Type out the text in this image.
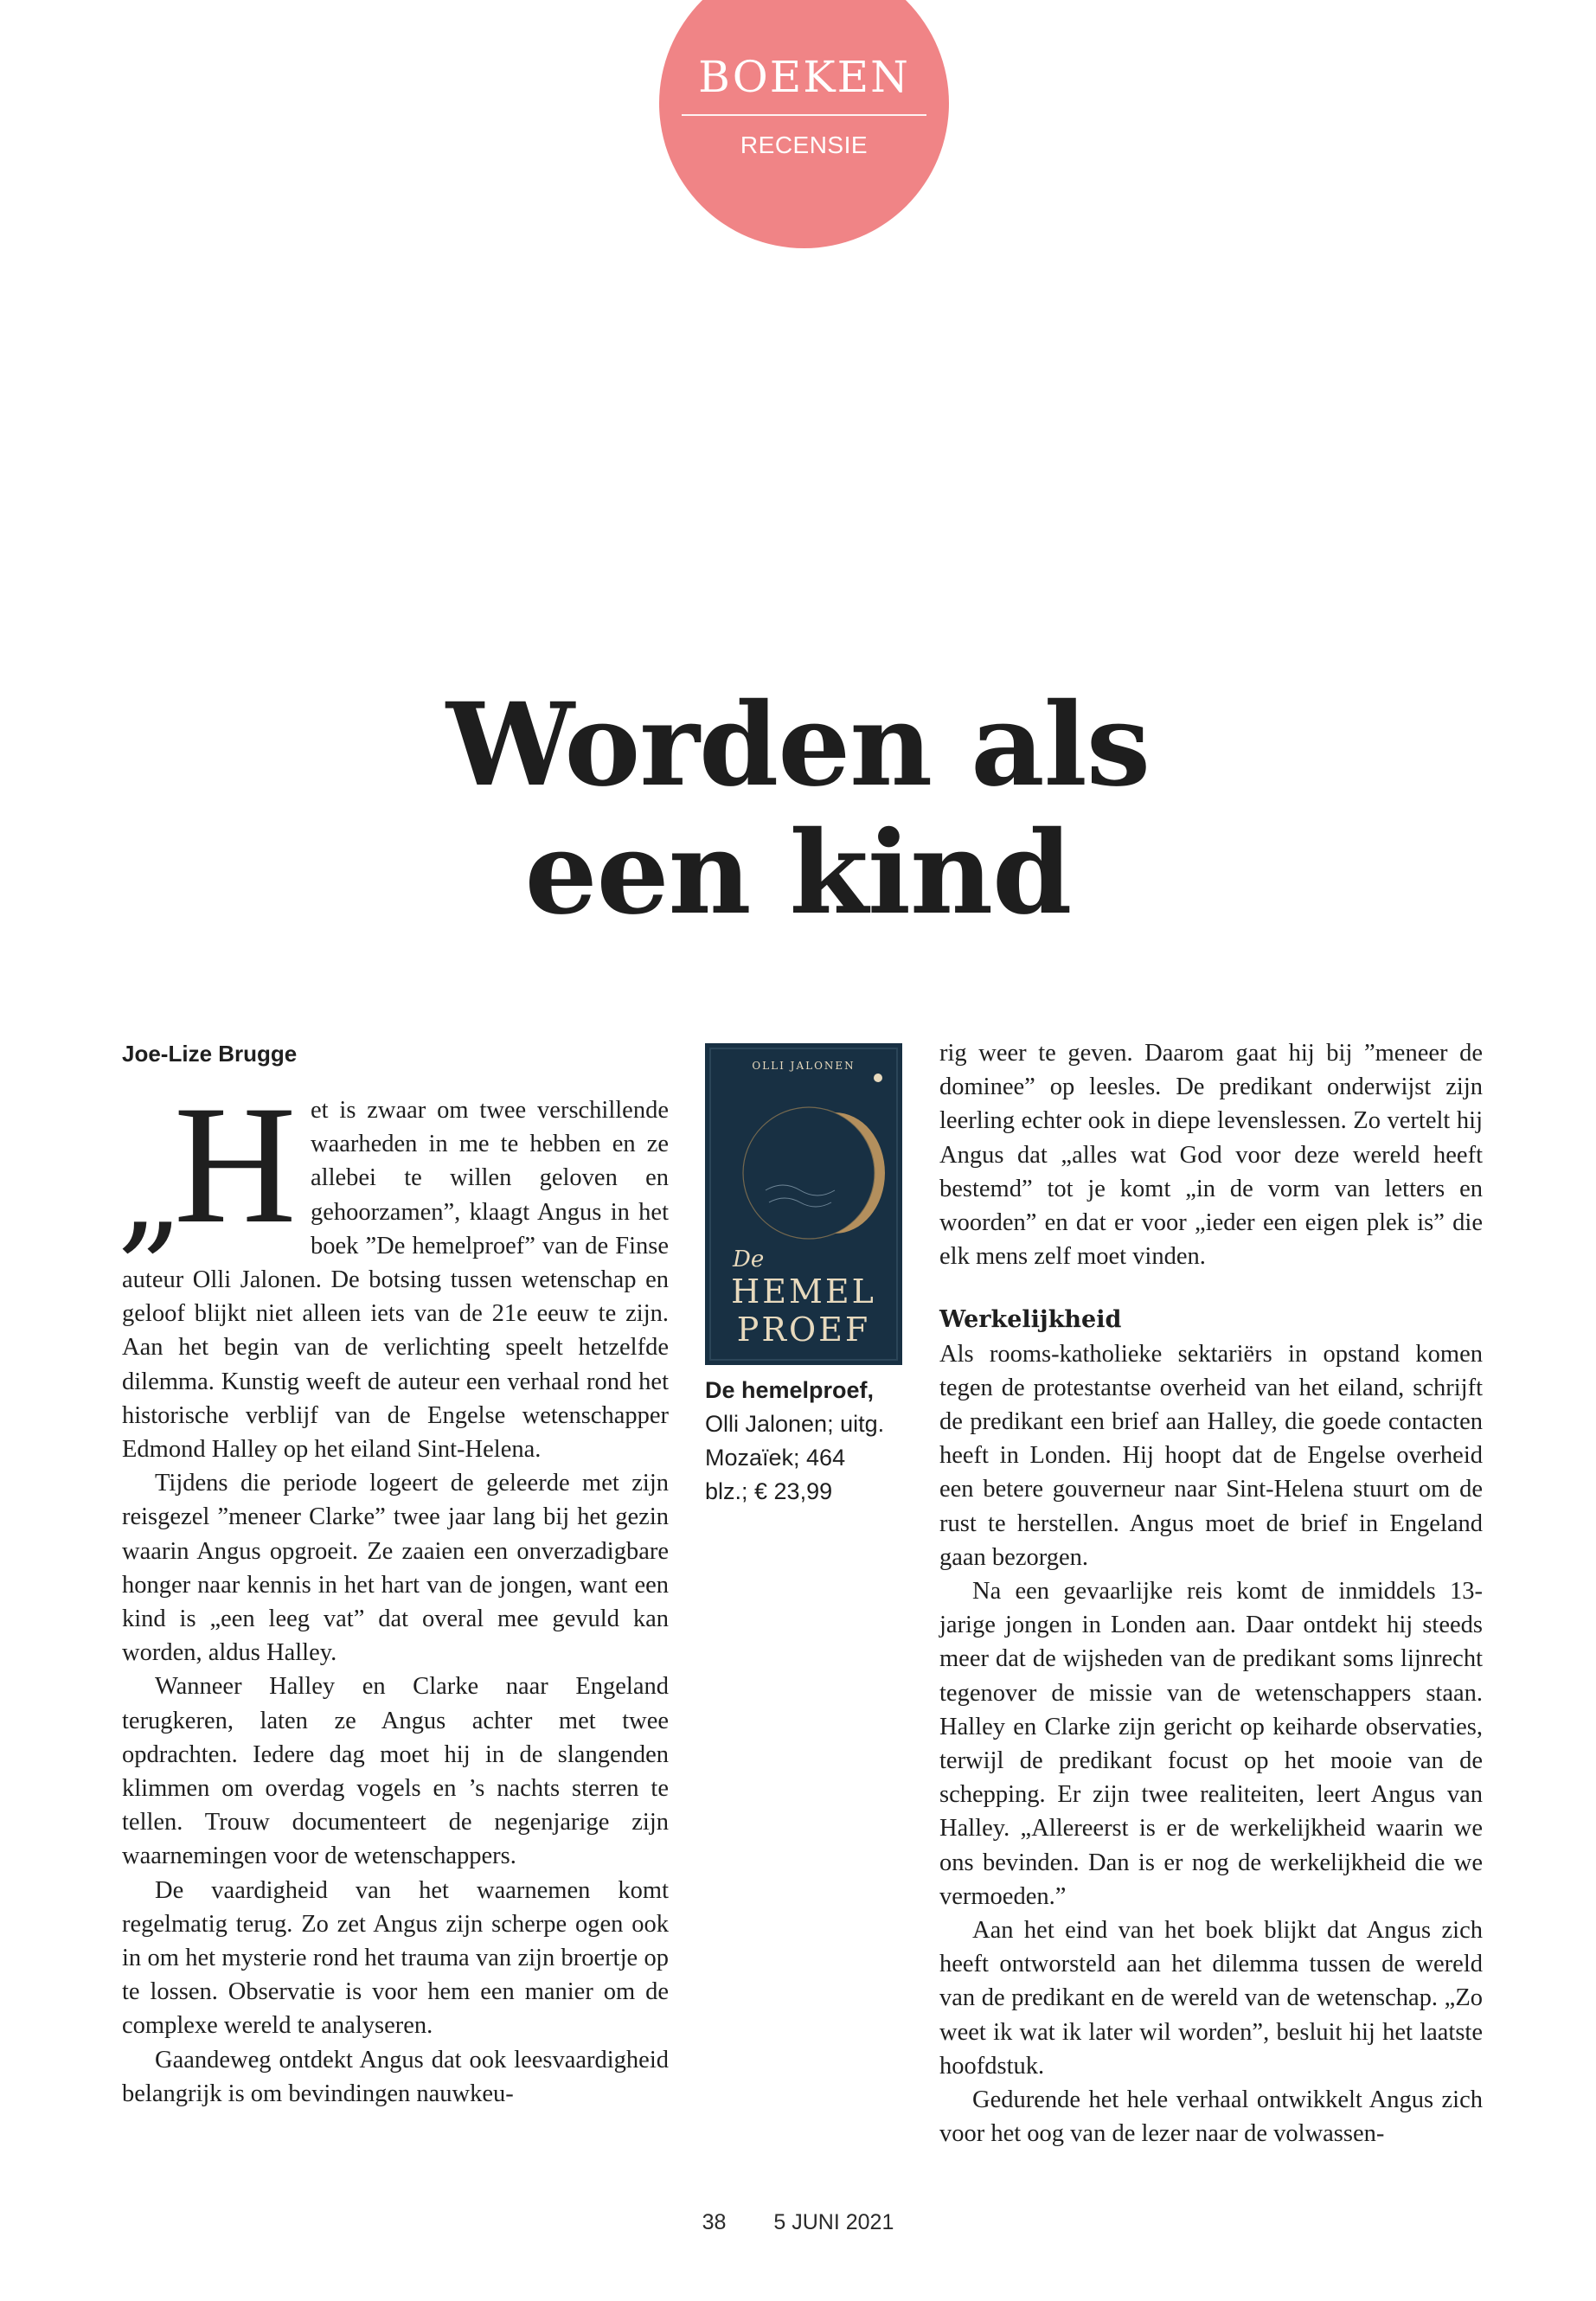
BOEKEN
RECENSIE
Worden als
een kind
Joe-Lize Brugge

„
H et is zwaar om twee verschillende waarheden in me te hebben en ze allebei te willen geloven en gehoorzamen”, klaagt Angus in het boek ”De hemelproef” van de Finse auteur Olli Jalonen. De botsing tussen wetenschap en geloof blijkt niet alleen iets van de 21e eeuw te zijn. Aan het begin van de verlichting speelt hetzelfde dilemma. Kunstig weeft de auteur een verhaal rond het historische verblijf van de Engelse wetenschapper Edmond Halley op het eiland Sint-Helena.

Tijdens die periode logeert de geleerde met zijn reisgezel ”meneer Clarke” twee jaar lang bij het gezin waarin Angus opgroeit. Ze zaaien een onverzadigbare honger naar kennis in het hart van de jongen, want een kind is „een leeg vat” dat overal mee gevuld kan worden, aldus Halley.

Wanneer Halley en Clarke naar Engeland terugkeren, laten ze Angus achter met twee opdrachten. Iedere dag moet hij in de slangenden klimmen om overdag vogels en ’s nachts sterren te tellen. Trouw documenteert de negenjarige zijn waarnemingen voor de wetenschappers.

De vaardigheid van het waarnemen komt regelmatig terug. Zo zet Angus zijn scherpe ogen ook in om het mysterie rond het trauma van zijn broertje op te lossen. Observatie is voor hem een manier om de complexe wereld te analyseren.

Gaandeweg ontdekt Angus dat ook leesvaardigheid belangrijk is om bevindingen nauwkeu-

OLLI JALONEN
De
HEMEL
PROEF
De hemelproef,
Olli Jalonen; uitg.
Mozaïek; 464
blz.; € 23,99

rig weer te geven. Daarom gaat hij bij ”meneer de dominee” op leesles. De predikant onderwijst zijn leerling echter ook in diepe levenslessen. Zo vertelt hij Angus dat „alles wat God voor deze wereld heeft bestemd” tot je komt „in de vorm van letters en woorden” en dat er voor „ieder een eigen plek is” die elk mens zelf moet vinden.

Werkelijkheid

Als rooms-katholieke sektariërs in opstand komen tegen de protestantse overheid van het eiland, schrijft de predikant een brief aan Halley, die goede contacten heeft in Londen. Hij hoopt dat de Engelse overheid een betere gouverneur naar Sint-Helena stuurt om de rust te herstellen. Angus moet de brief in Engeland gaan bezorgen.

Na een gevaarlijke reis komt de inmiddels 13-jarige jongen in Londen aan. Daar ontdekt hij steeds meer dat de wijsheden van de predikant soms lijnrecht tegenover de missie van de wetenschappers staan. Halley en Clarke zijn gericht op keiharde observaties, terwijl de predikant focust op het mooie van de schepping. Er zijn twee realiteiten, leert Angus van Halley. „Allereerst is er de werkelijkheid waarin we ons bevinden. Dan is er nog de werkelijkheid die we vermoeden.”

Aan het eind van het boek blijkt dat Angus zich heeft ontworsteld aan het dilemma tussen de wereld van de predikant en de wereld van de wetenschap. „Zo weet ik wat ik later wil worden”, besluit hij het laatste hoofdstuk.

Gedurende het hele verhaal ontwikkelt Angus zich voor het oog van de lezer naar de volwassen-

38 5 JUNI 2021
